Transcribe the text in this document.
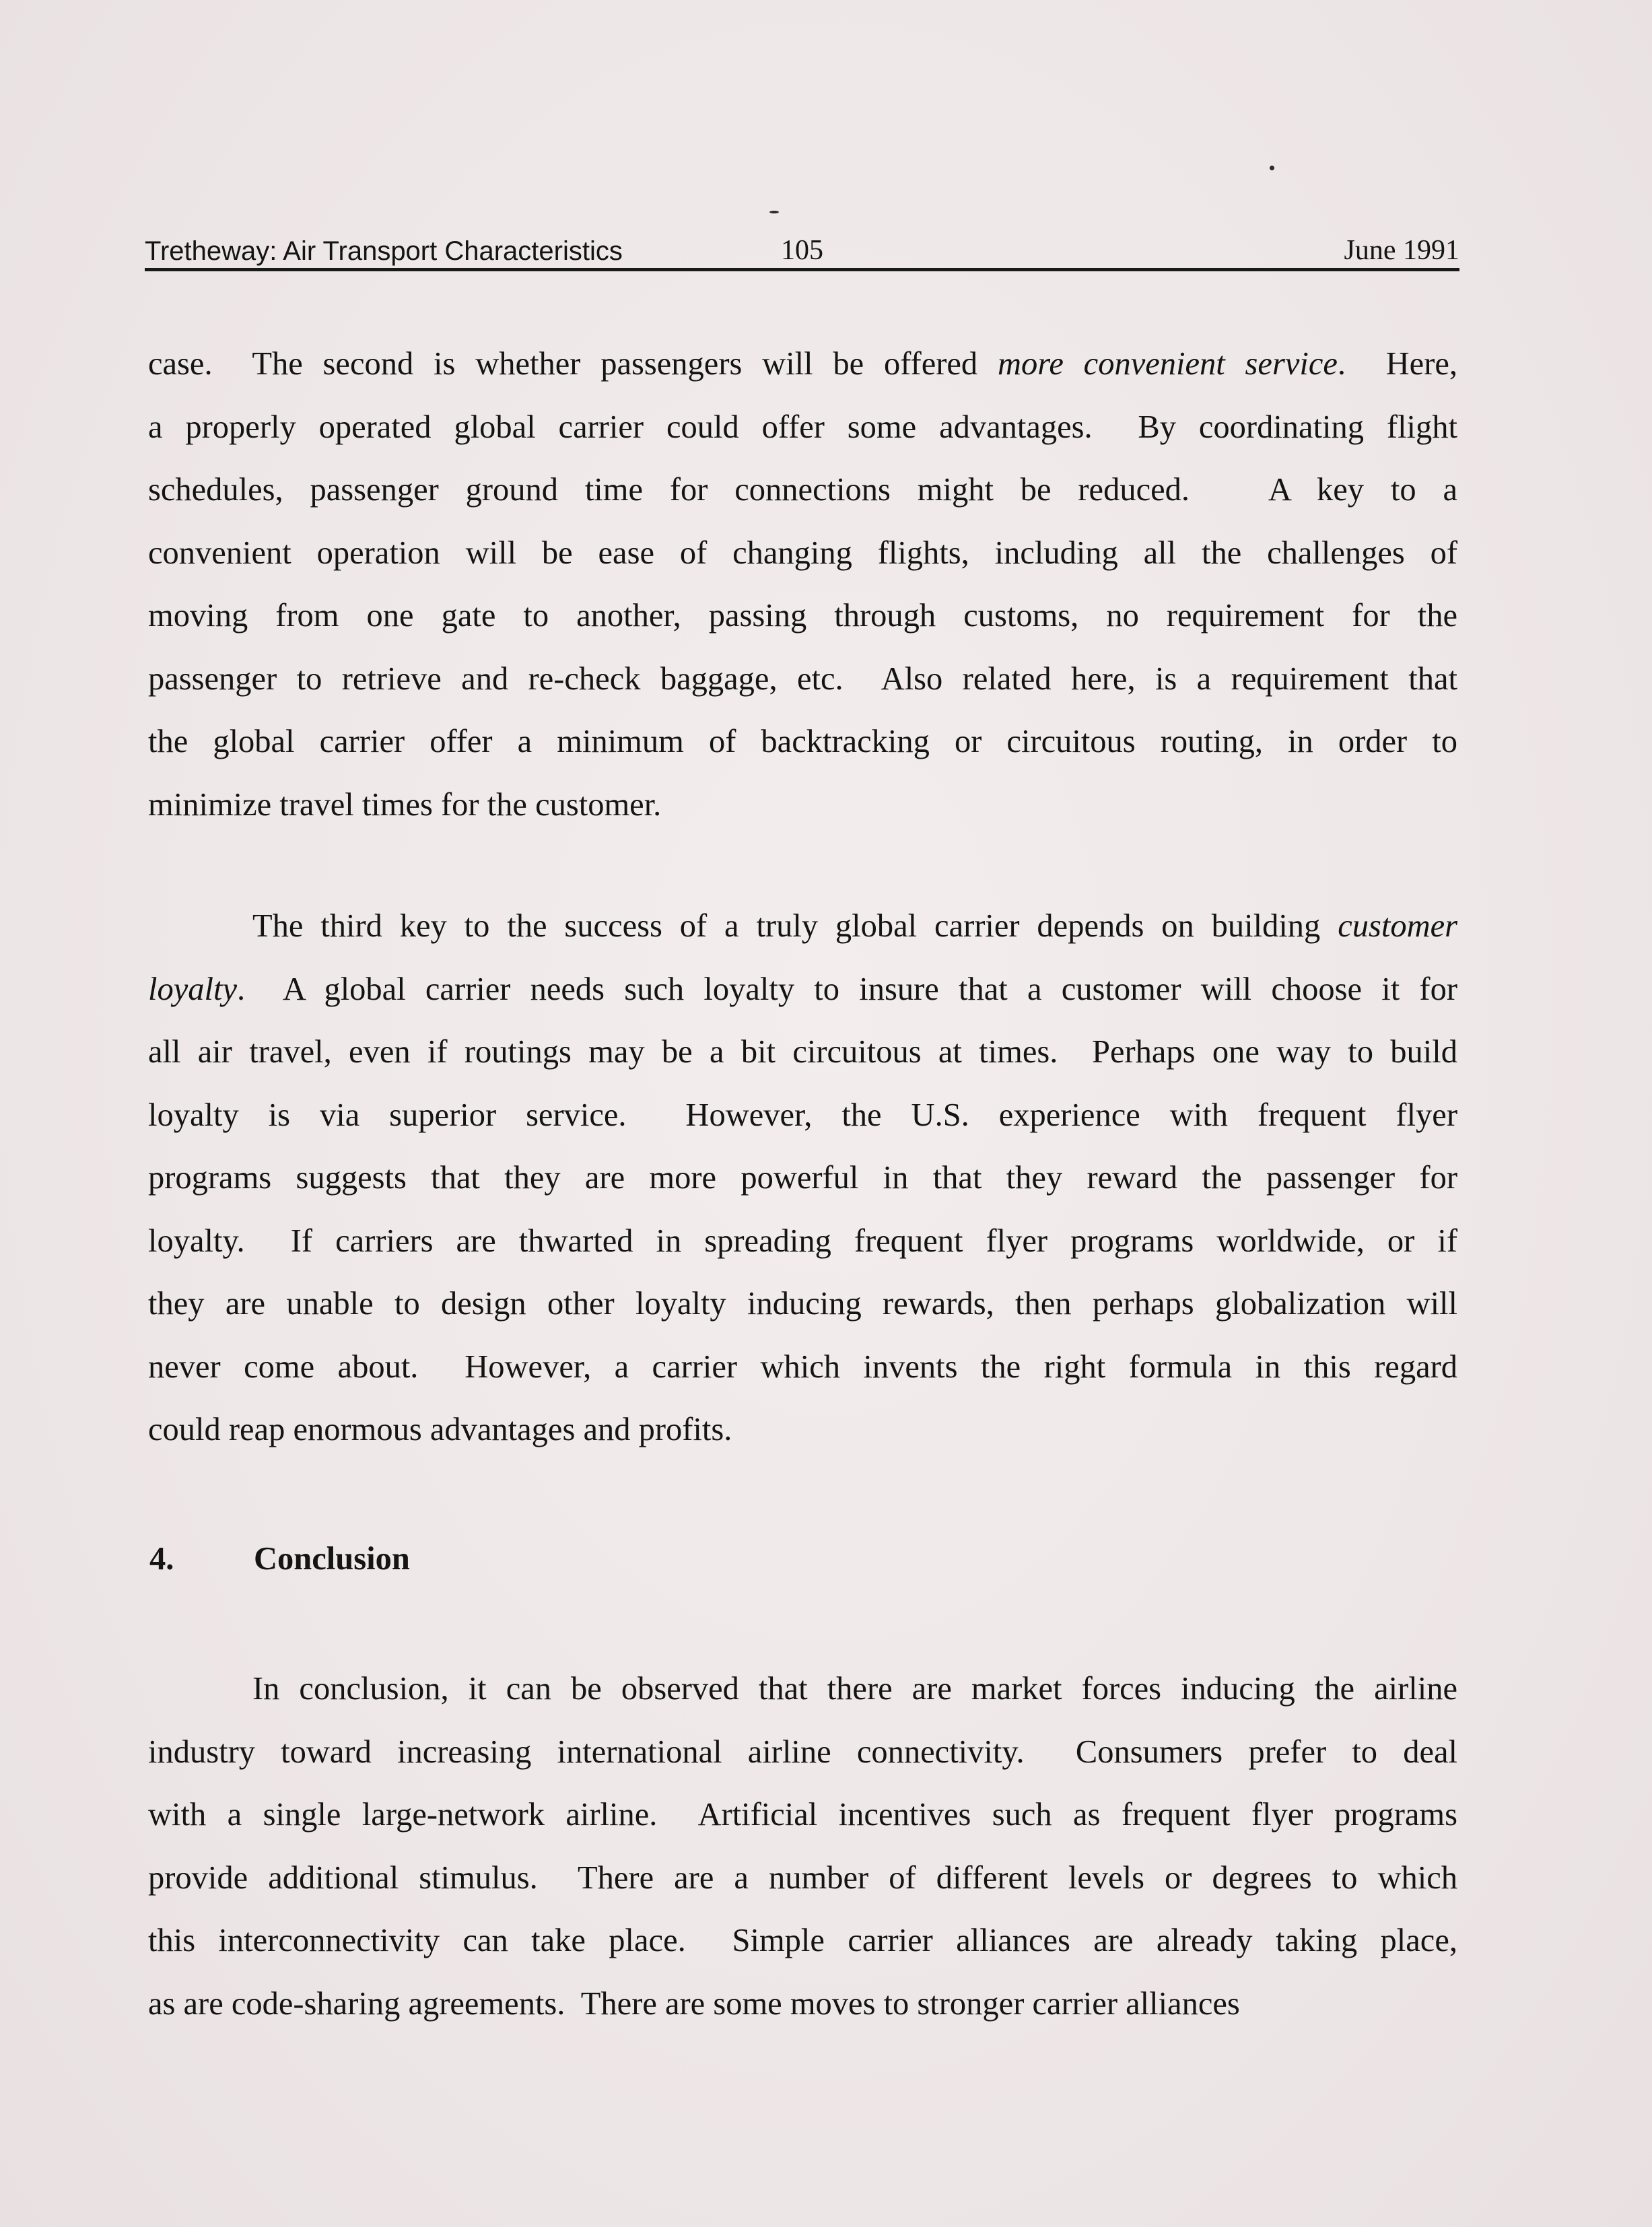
Tretheway: Air Transport Characteristics	105	June 1991
case.  The second is whether passengers will be offered more convenient service.  Here,
a properly operated global carrier could offer some advantages.  By coordinating flight
schedules, passenger ground time for connections might be reduced.   A key to a
convenient operation will be ease of changing flights, including all the challenges of
moving from one gate to another, passing through customs, no requirement for the
passenger to retrieve and re-check baggage, etc.  Also related here, is a requirement that
the global carrier offer a minimum of backtracking or circuitous routing, in order to
minimize travel times for the customer.
The third key to the success of a truly global carrier depends on building customer
loyalty.  A global carrier needs such loyalty to insure that a customer will choose it for
all air travel, even if routings may be a bit circuitous at times.  Perhaps one way to build
loyalty is via superior service.  However, the U.S. experience with frequent flyer
programs suggests that they are more powerful in that they reward the passenger for
loyalty.  If carriers are thwarted in spreading frequent flyer programs worldwide, or if
they are unable to design other loyalty inducing rewards, then perhaps globalization will
never come about.  However, a carrier which invents the right formula in this regard
could reap enormous advantages and profits.
4. Conclusion
In conclusion, it can be observed that there are market forces inducing the airline
industry toward increasing international airline connectivity.  Consumers prefer to deal
with a single large-network airline.  Artificial incentives such as frequent flyer programs
provide additional stimulus.  There are a number of different levels or degrees to which
this interconnectivity can take place.  Simple carrier alliances are already taking place,
as are code-sharing agreements.  There are some moves to stronger carrier alliances
